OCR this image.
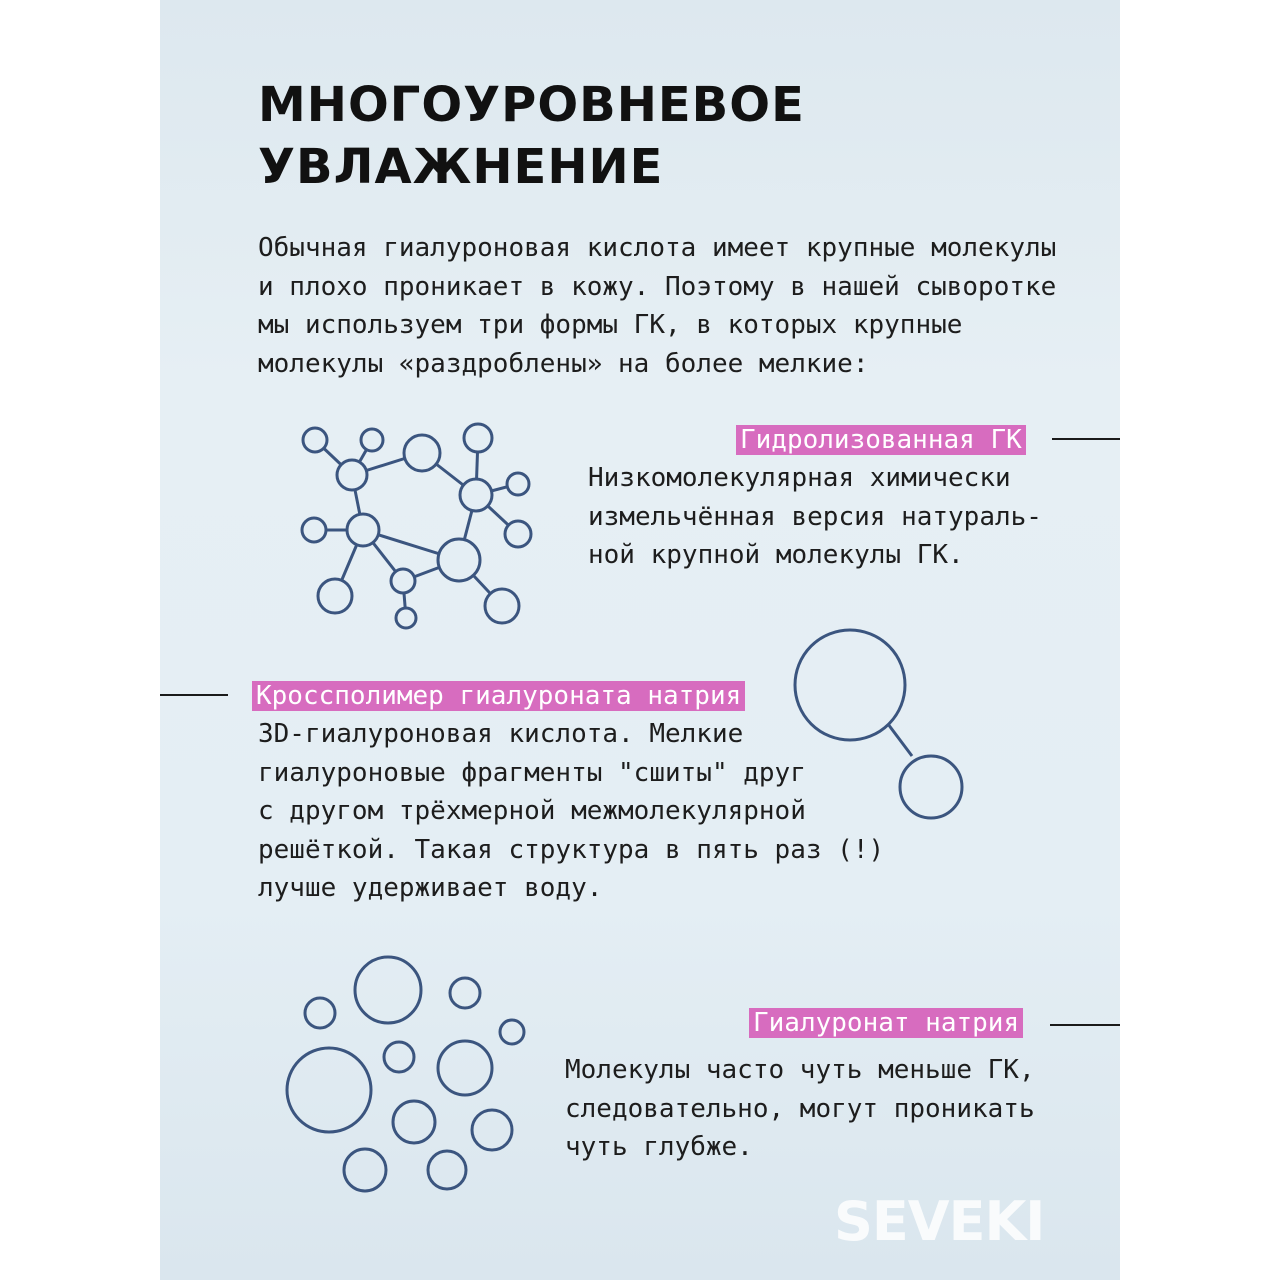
МНОГОУРОВНЕВОЕ
УВЛАЖНЕНИЕ
Обычная гиалуроновая кислота имеет крупные молекулы
и плохо проникает в кожу. Поэтому в нашей сыворотке
мы используем три формы ГК, в которых крупные
молекулы «раздроблены» на более мелкие:
Гидролизованная ГК
Низкомолекулярная химически
измельчённая версия натураль-
ной крупной молекулы ГК.
Кроссполимер гиалуроната натрия
3D-гиалуроновая кислота. Мелкие
гиалуроновые фрагменты "сшиты" друг
с другом трёхмерной межмолекулярной
решёткой. Такая структура в пять раз (!)
лучше удерживает воду.
Гиалуронат натрия
Молекулы часто чуть меньше ГК,
следовательно, могут проникать
чуть глубже.
SEVEKI
